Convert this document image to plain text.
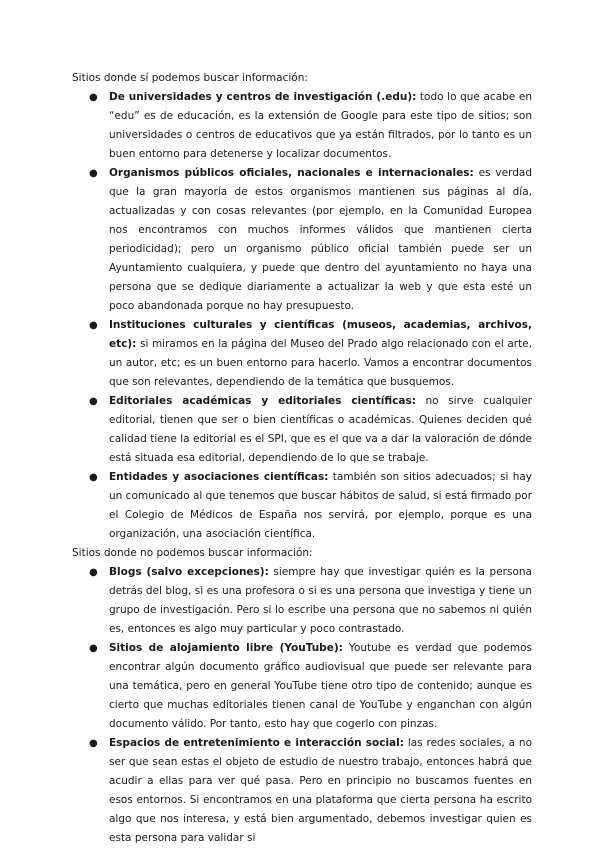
Sitios donde sí podemos buscar información:

● De universidades y centros de investigación (.edu): todo lo que acabe en “edu” es de educación, es la extensión de Google para este tipo de sitios; son universidades o centros de educativos que ya están filtrados, por lo tanto es un buen entorno para detenerse y localizar documentos.
● Organismos públicos oficiales, nacionales e internacionales: es verdad que la gran mayoría de estos organismos mantienen sus páginas al día, actualizadas y con cosas relevantes (por ejemplo, en la Comunidad Europea nos encontramos con muchos informes válidos que mantienen cierta periodicidad); pero un organismo público oficial también puede ser un Ayuntamiento cualquiera, y puede que dentro del ayuntamiento no haya una persona que se dedique diariamente a actualizar la web y que esta esté un poco abandonada porque no hay presupuesto.
● Instituciones culturales y científicas (museos, academias, archivos, etc): si miramos en la página del Museo del Prado algo relacionado con el arte, un autor, etc; es un buen entorno para hacerlo. Vamos a encontrar documentos que son relevantes, dependiendo de la temática que busquemos.
● Editoriales académicas y editoriales científicas: no sirve cualquier editorial, tienen que ser o bien científicas o académicas. Quienes deciden qué calidad tiene la editorial es el SPI, que es el que va a dar la valoración de dónde está situada esa editorial, dependiendo de lo que se trabaje.
● Entidades y asociaciones científicas: también son sitios adecuados; si hay un comunicado al que tenemos que buscar hábitos de salud, si está firmado por el Colegio de Médicos de España nos servirá, por ejemplo, porque es una organización, una asociación científica.

Sitios donde no podemos buscar información:

● Blogs (salvo excepciones): siempre hay que investigar quién es la persona detrás del blog, si es una profesora o si es una persona que investiga y tiene un grupo de investigación. Pero si lo escribe una persona que no sabemos ni quién es, entonces es algo muy particular y poco contrastado.
● Sitios de alojamiento libre (YouTube): Youtube es verdad que podemos encontrar algún documento gráfico audiovisual que puede ser relevante para una temática, pero en general YouTube tiene otro tipo de contenido; aunque es cierto que muchas editoriales tienen canal de YouTube y enganchan con algún documento válido. Por tanto, esto hay que cogerlo con pinzas.
● Espacios de entretenimiento e interacción social: las redes sociales, a no ser que sean estas el objeto de estudio de nuestro trabajo, entonces habrá que acudir a ellas para ver qué pasa. Pero en principio no buscamos fuentes en esos entornos. Si encontramos en una plataforma que cierta persona ha escrito algo que nos interesa, y está bien argumentado, debemos investigar quien es esta persona para validar si
